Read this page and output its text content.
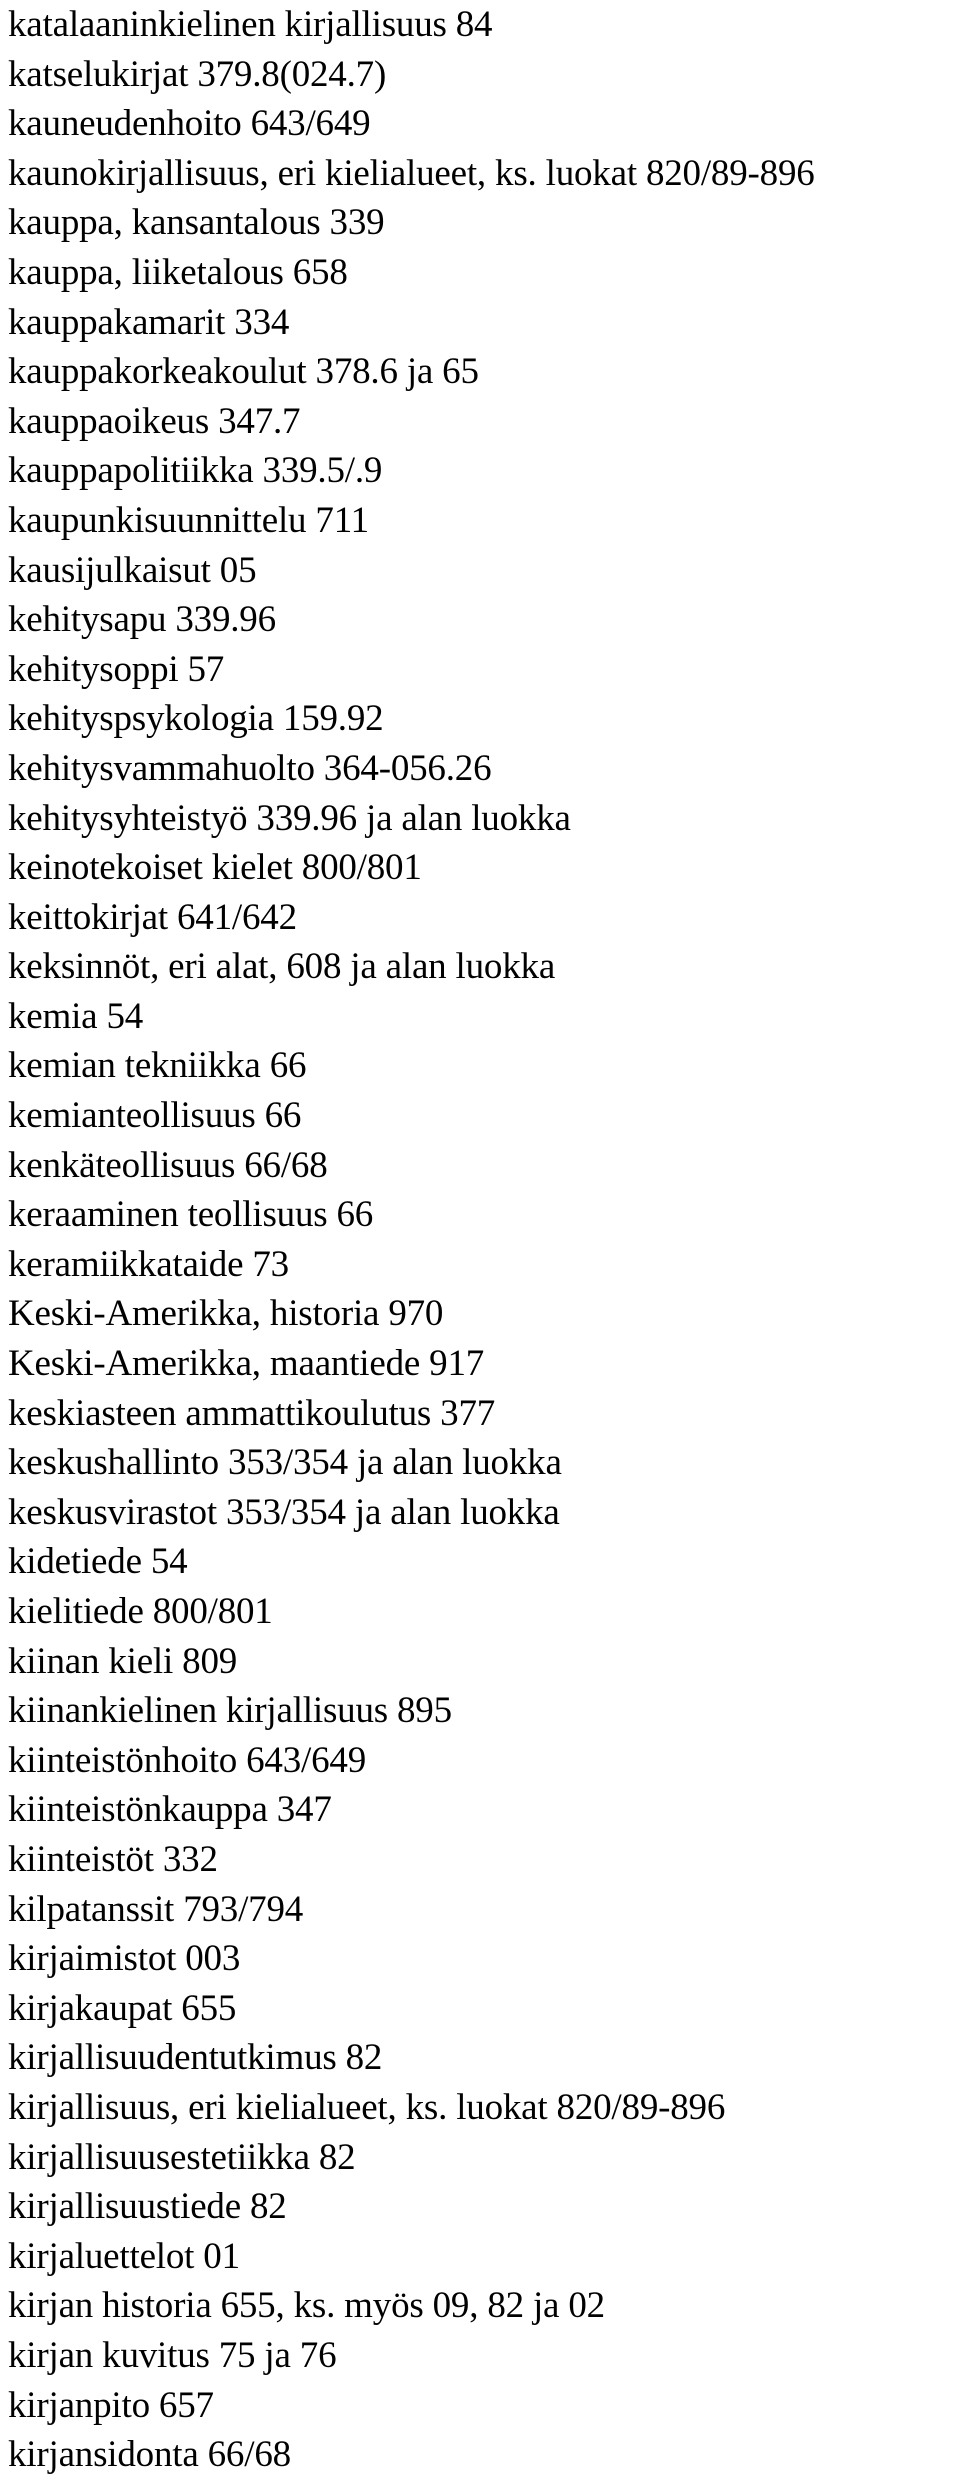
katalaaninkielinen kirjallisuus 84
katselukirjat 379.8(024.7)
kauneudenhoito 643/649
kaunokirjallisuus, eri kielialueet, ks. luokat 820/89-896
kauppa, kansantalous 339
kauppa, liiketalous 658
kauppakamarit 334
kauppakorkeakoulut 378.6 ja 65
kauppaoikeus 347.7
kauppapolitiikka 339.5/.9
kaupunkisuunnittelu 711
kausijulkaisut 05
kehitysapu 339.96
kehitysoppi 57
kehityspsykologia 159.92
kehitysvammahuolto 364-056.26
kehitysyhteistyö 339.96 ja alan luokka
keinotekoiset kielet 800/801
keittokirjat 641/642
keksinnöt, eri alat, 608 ja alan luokka
kemia 54
kemian tekniikka 66
kemianteollisuus 66
kenkäteollisuus 66/68
keraaminen teollisuus 66
keramiikkataide 73
Keski-Amerikka, historia 970
Keski-Amerikka, maantiede 917
keskiasteen ammattikoulutus 377
keskushallinto 353/354 ja alan luokka
keskusvirastot 353/354 ja alan luokka
kidetiede 54
kielitiede 800/801
kiinan kieli 809
kiinankielinen kirjallisuus 895
kiinteistönhoito 643/649
kiinteistönkauppa 347
kiinteistöt 332
kilpatanssit 793/794
kirjaimistot 003
kirjakaupat 655
kirjallisuudentutkimus 82
kirjallisuus, eri kielialueet, ks. luokat 820/89-896
kirjallisuusestetiikka 82
kirjallisuustiede 82
kirjaluettelot 01
kirjan historia 655, ks. myös 09, 82 ja 02
kirjan kuvitus 75 ja 76
kirjanpito 657
kirjansidonta 66/68
